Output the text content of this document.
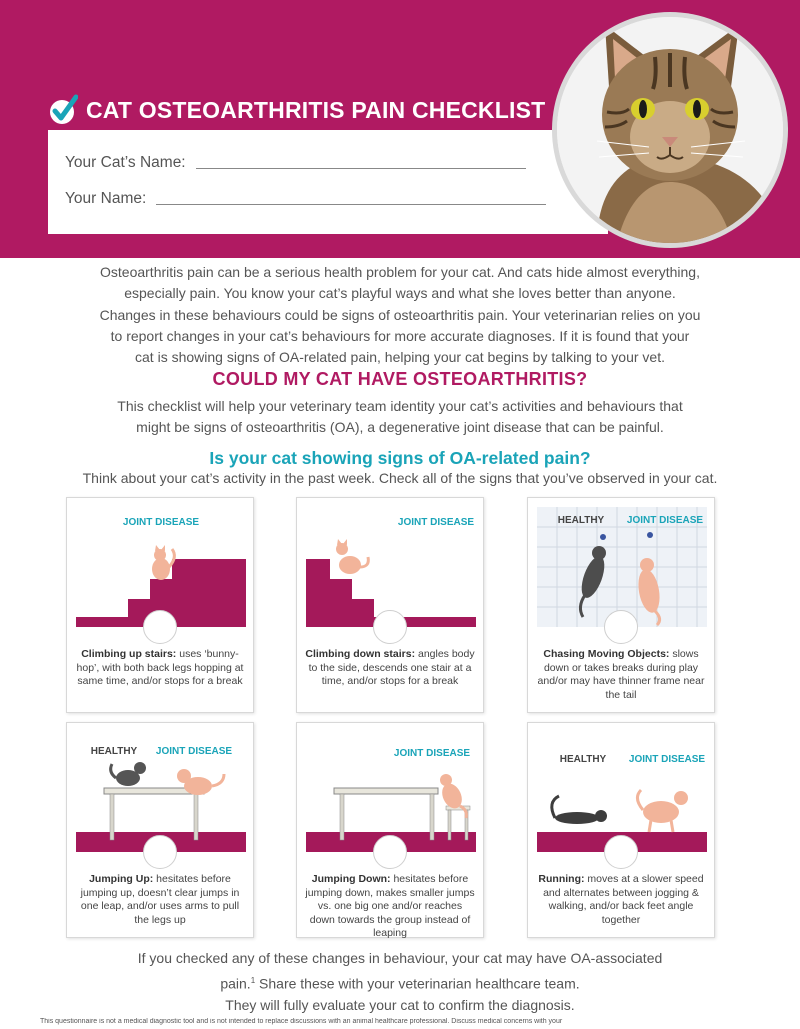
CAT OSTEOARTHRITIS PAIN CHECKLIST
Your Cat’s Name:
Your Name:

Osteoarthritis pain can be a serious health problem for your cat. And cats hide almost everything,

especially pain. You know your cat’s playful ways and what she loves better than anyone.

Changes in these behaviours could be signs of osteoarthritis pain. Your veterinarian relies on you

to report changes in your cat’s behaviours for more accurate diagnoses. If it is found that your

cat is showing signs of OA-related pain, helping your cat begins by talking to your vet.

COULD MY CAT HAVE OSTEOARTHRITIS?
This checklist will help your veterinary team identity your cat’s activities and behaviours that
might be signs of osteoarthritis (OA), a degenerative joint disease that can be painful.
Is your cat showing signs of OA-related pain?
Think about your cat’s activity in the past week. Check all of the signs that you’ve observed in your cat.
JOINT DISEASE
Climbing up stairs: uses ‘bunny-hop’, with both back legs hopping at same time, and/or stops for a break
JOINT DISEASE
Climbing down stairs: angles body to the side, descends one stair at a time, and/or stops for a break
HEALTHY JOINT DISEASE
Chasing Moving Objects: slows down or takes breaks during play and/or may have thinner frame near the tail
HEALTHY JOINT DISEASE
Jumping Up: hesitates before jumping up, doesn’t clear jumps in one leap, and/or uses arms to pull the legs up
JOINT DISEASE
Jumping Down: hesitates before jumping down, makes smaller jumps vs. one big one and/or reaches down towards the group instead of leaping
HEALTHY JOINT DISEASE
Running: moves at a slower speed and alternates between jogging & walking, and/or back feet angle together
If you checked any of these changes in behaviour, your cat may have OA-associated
pain.$^1$ Share these with your veterinarian healthcare team.
They will fully evaluate your cat to confirm the diagnosis.
This questionnaire is not a medical diagnostic tool and is not intended to replace discussions with an animal healthcare professional. Discuss medical concerns with your
